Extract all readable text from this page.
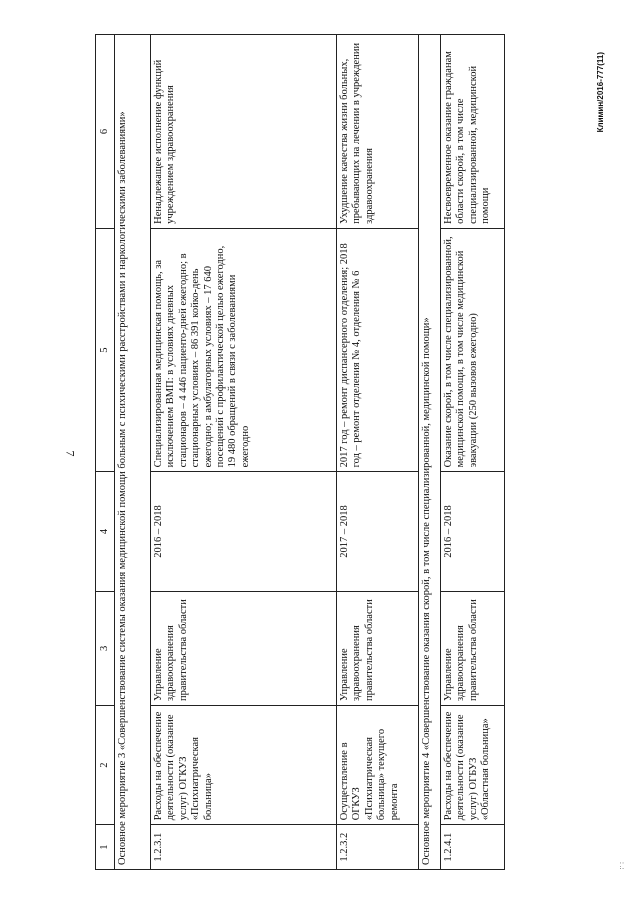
7
Климин/2016-777(11)
: .:
1	2	3	4	5	6
Основное мероприятие 3 «Совершенствование системы оказания медицинской помощи больным с психическими расстройствами и наркологическими заболеваниями»					
1.2.3.1	Расходы на обеспечение деятельности (оказание услуг) ОГКУЗ «Психиатрическая больница»	Управление здравоохранения правительства области	2016 – 2018	Специализированная медицинская помощь, за исключением ВМП: в условиях дневных стационаров – 4 446 пациенто-дней ежегодно; в стационарных условиях – 86 391 койко-день ежегодно; в амбулаторных условиях – 17 640 посещений с профилактической целью ежегодно, 19 480 обращений в связи с заболеваниями ежегодно	Ненадлежащее исполнение функций учреждением здравоохранения
1.2.3.2	Осуществление в ОГКУЗ «Психиатрическая больница» текущего ремонта	Управление здравоохранения правительства области	2017 – 2018	2017 год – ремонт диспансерного отделения; 2018 год – ремонт отделения № 4, отделения № 6	Ухудшение качества жизни больных, пребывающих на лечении в учреждении здравоохранения
Основное мероприятие 4 «Совершенствование оказания скорой, в том числе специализированной, медицинской помощи»					
1.2.4.1	Расходы на обеспечение деятельности (оказание услуг) ОГБУЗ «Областная больница»	Управление здравоохранения правительства области	2016 – 2018	Оказание скорой, в том числе специализированной, медицинской помощи, в том числе медицинской эвакуации (250 вызовов ежегодно)	Несвоевременное оказание гражданам области скорой, в том числе специализированной, медицинской помощи
